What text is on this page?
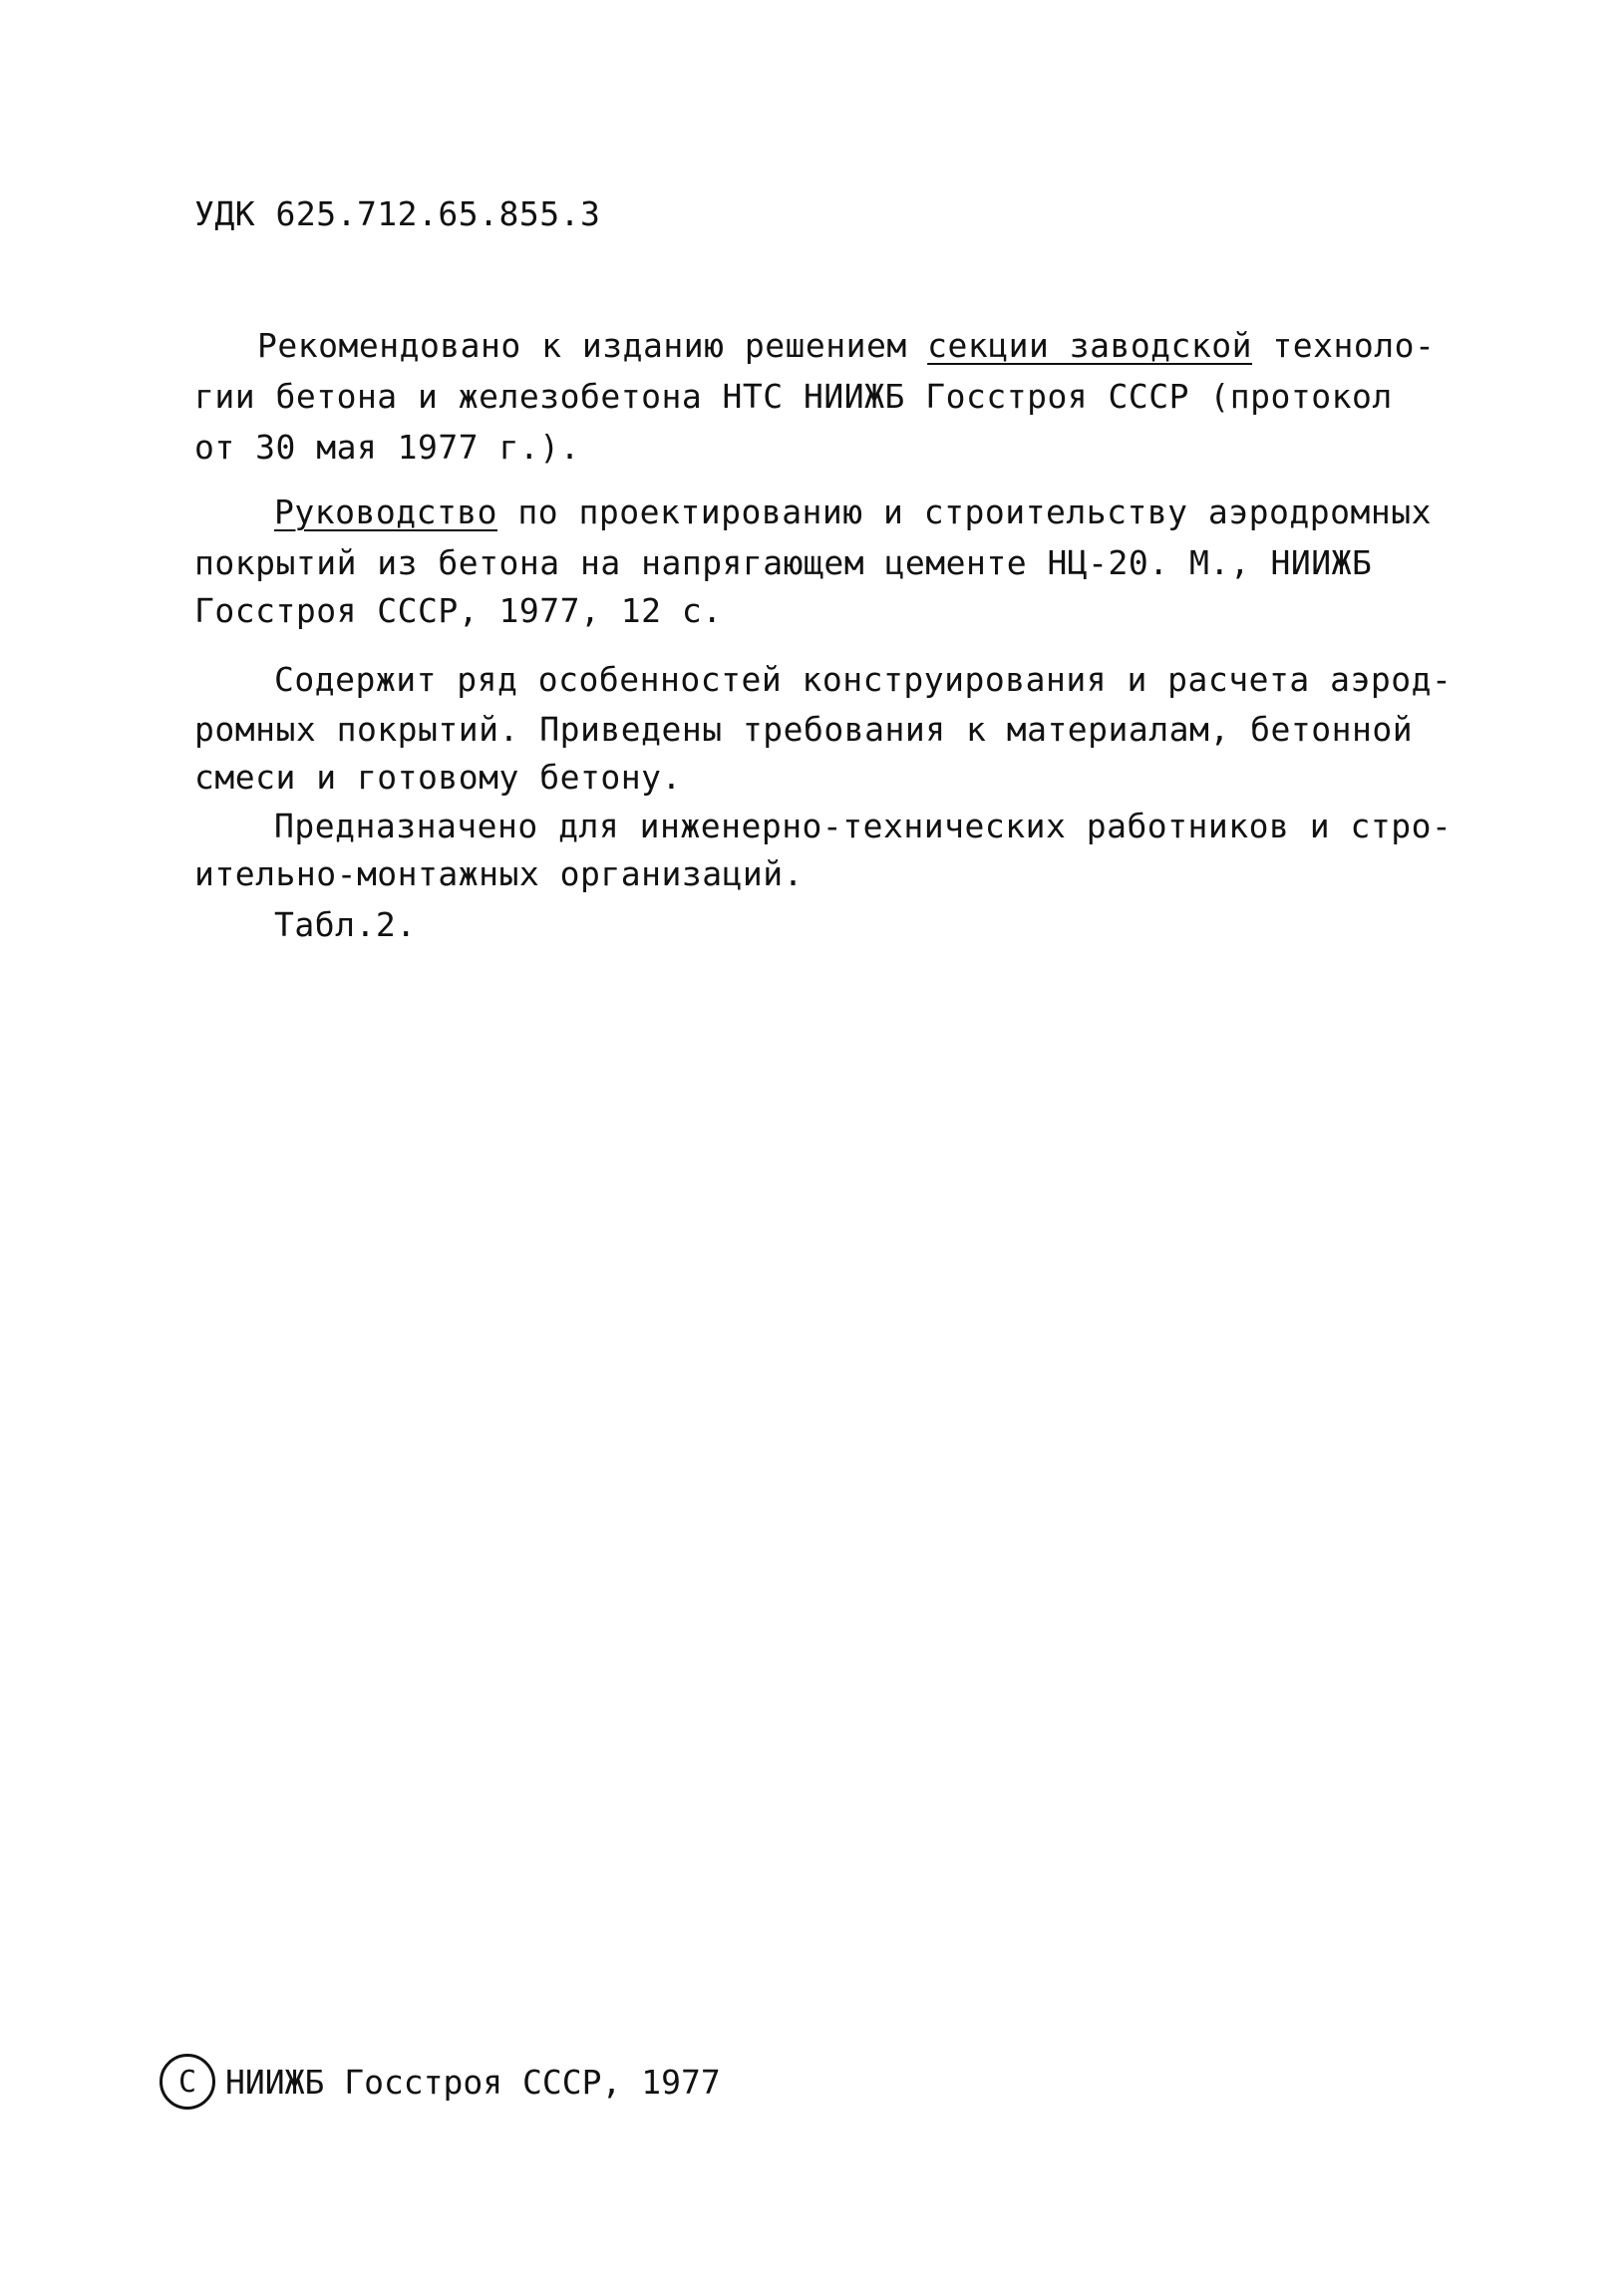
УДК 625.712.65.855.3
Рекомендовано к изданию решением секции заводской техноло-
гии бетона и железобетона НТС НИИЖБ Госстроя СССР (протокол
от 30 мая 1977 г.).
Руководство по проектированию и строительству аэродромных
покрытий из бетона на напрягающем цементе НЦ-20. М., НИИЖБ
Госстроя СССР, 1977, 12 с.
Содержит ряд особенностей конструирования и расчета аэрод-
ромных покрытий. Приведены требования к материалам, бетонной
смеси и готовому бетону.
Предназначено для инженерно-технических работников и стро-
ительно-монтажных организаций.
Табл.2.
С НИИЖБ Госстроя СССР, 1977
